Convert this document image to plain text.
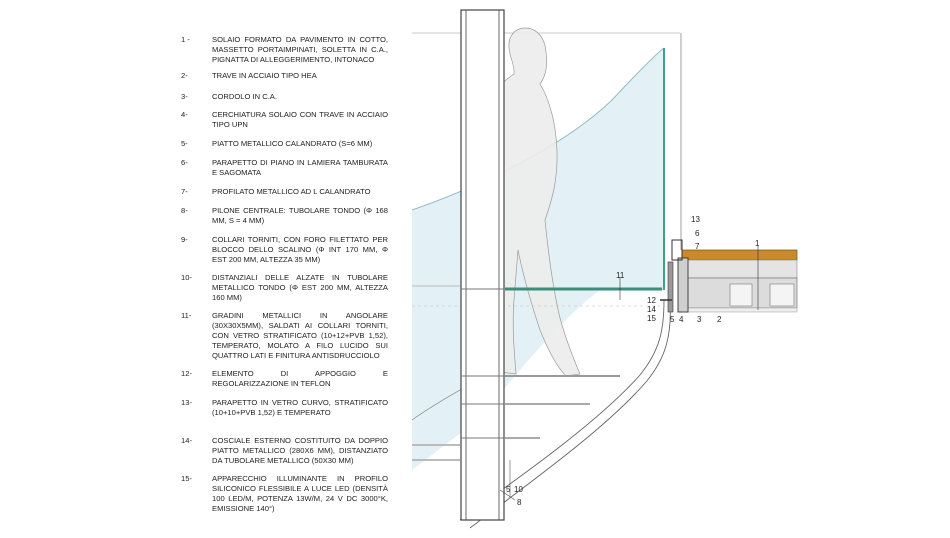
13
6
7	1
11
12
14
15 5 4 3 2
5 10
8
1 -	SOLAIO FORMATO DA PAVIMENTO IN COTTO, MASSETTO PORTAIMPINATI, SOLETTA IN C.A., PIGNATTA DI ALLEGGERIMENTO, INTONACO
2-	TRAVE IN ACCIAIO TIPO HEA
3-	CORDOLO IN C.A.
4-	CERCHIATURA SOLAIO CON TRAVE IN ACCIAIO TIPO UPN
5-	PIATTO METALLICO CALANDRATO (S=6 MM)
6-	PARAPETTO DI PIANO IN LAMIERA TAMBURATA E SAGOMATA
7-	PROFILATO METALLICO AD L CALANDRATO
8-	PILONE CENTRALE: TUBOLARE TONDO (Φ 168 MM, S = 4 MM)
9-	COLLARI TORNITI, CON FORO FILETTATO PER BLOCCO DELLO SCALINO (Φ INT 170 MM, Φ EST 200 MM, ALTEZZA 35 MM)
10-	DISTANZIALI DELLE ALZATE IN TUBOLARE METALLICO TONDO (Φ EST 200 MM, ALTEZZA 160 MM)
11-	GRADINI METALLICI IN ANGOLARE (30X30X5MM), SALDATI AI COLLARI TORNITI, CON VETRO STRATIFICATO (10+12+PVB 1,52), TEMPERATO, MOLATO A FILO LUCIDO SUI QUATTRO LATI E FINITURA ANTISDRUCCIOLO
12-	ELEMENTO DI APPOGGIO E REGOLARIZZAZIONE IN TEFLON
13-	PARAPETTO IN VETRO CURVO, STRATIFICATO (10+10+PVB 1,52) E TEMPERATO
14-	COSCIALE ESTERNO COSTITUITO DA DOPPIO PIATTO METALLICO (280X6 MM), DISTANZIATO DA TUBOLARE METALLICO (50X30 MM)
15-	APPARECCHIO ILLUMINANTE IN PROFILO SILICONICO FLESSIBILE A LUCE LED (DENSITÀ 100 LED/M, POTENZA 13W/M, 24 V DC 3000°K, EMISSIONE 140°)
